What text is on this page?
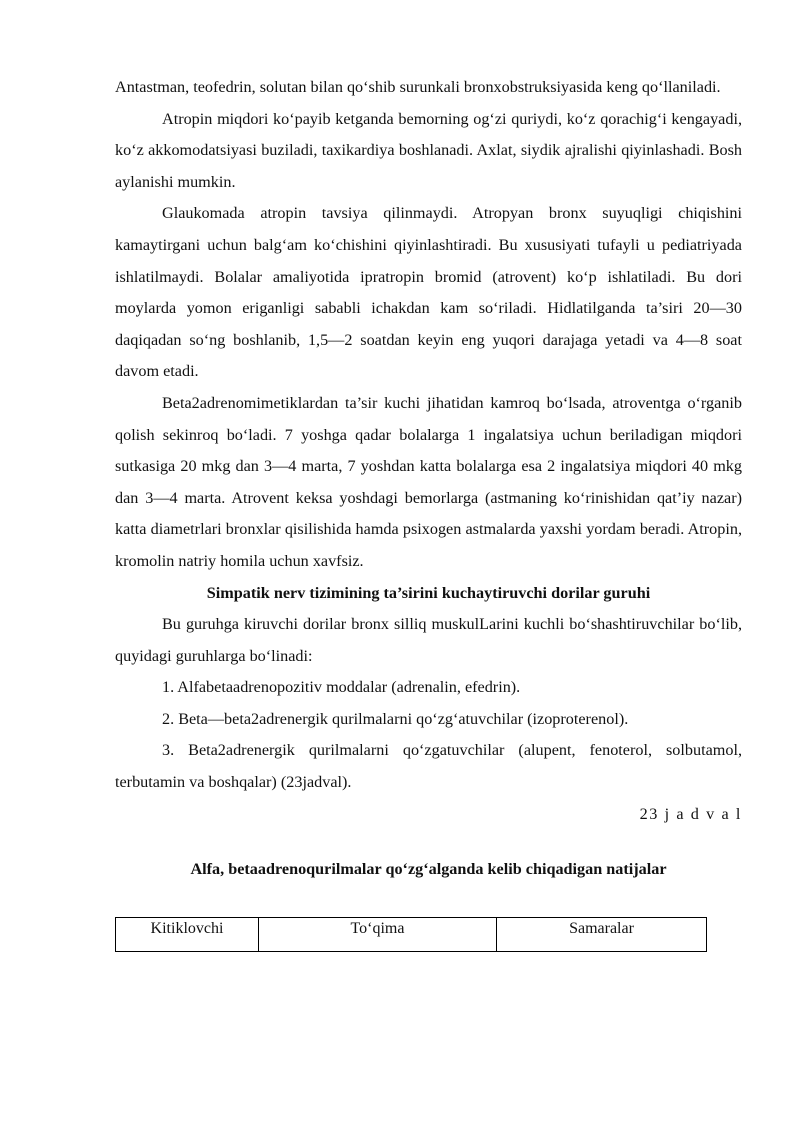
Antastman, teofedrin, solutan bilan qo‘shib surunkali bronxobstruksiyasida keng qo‘llaniladi.

Atropin miqdori ko‘payib ketganda bemorning og‘zi quriydi, ko‘z qorachig‘i kengayadi, ko‘z akkomodatsiyasi buziladi, taxikardiya boshlanadi. Axlat, siydik ajralishi qiyinlashadi. Bosh aylanishi mumkin.

Glaukomada atropin tavsiya qilinmaydi. Atropyan bronx suyuqligi chiqishini kamaytirgani uchun balg‘am ko‘chishini qiyinlashtiradi. Bu xususiyati tufayli u pediatriyada ishlatilmaydi. Bolalar amaliyotida ipratropin bromid (atrovent) ko‘p ishlatiladi. Bu dori moylarda yomon eriganligi sababli ichakdan kam so‘riladi. Hidlatilganda ta’siri 20—30 daqiqadan so‘ng boshlanib, 1,5—2 soatdan keyin eng yuqori darajaga yetadi va 4—8 soat davom etadi.

Beta2adrenomimetiklardan ta’sir kuchi jihatidan kamroq bo‘lsada, atroventga o‘rganib qolish sekinroq bo‘ladi. 7 yoshga qadar bolalarga 1 ingalatsiya uchun beriladigan miqdori sutkasiga 20 mkg dan 3—4 marta, 7 yoshdan katta bolalarga esa 2 ingalatsiya miqdori 40 mkg dan 3—4 marta. Atrovent keksa yoshdagi bemorlarga (astmaning ko‘rinishidan qat’iy nazar) katta diametrlari bronxlar qisilishida hamda psixogen astmalarda yaxshi yordam beradi. Atropin, kromolin natriy homila uchun xavfsiz.

Simpatik nerv tizimining ta’sirini kuchaytiruvchi dorilar guruhi

Bu guruhga kiruvchi dorilar bronx silliq muskulLarini kuchli bo‘shashtiruvchilar bo‘lib, quyidagi guruhlarga bo‘linadi:

1. Alfabetaadrenopozitiv moddalar (adrenalin, efedrin).

2. Beta—beta2adrenergik qurilmalarni qo‘zg‘atuvchilar (izoproterenol).

3. Beta2adrenergik qurilmalarni qo‘zgatuvchilar (alupent, fenoterol, solbutamol, terbutamin va boshqalar) (23jadval).

23 j a d v a l

Alfa, betaadrenoqurilmalar qo‘zg‘alganda kelib chiqadigan natijalar

Kitiklovchi	To‘qima	Samaralar
